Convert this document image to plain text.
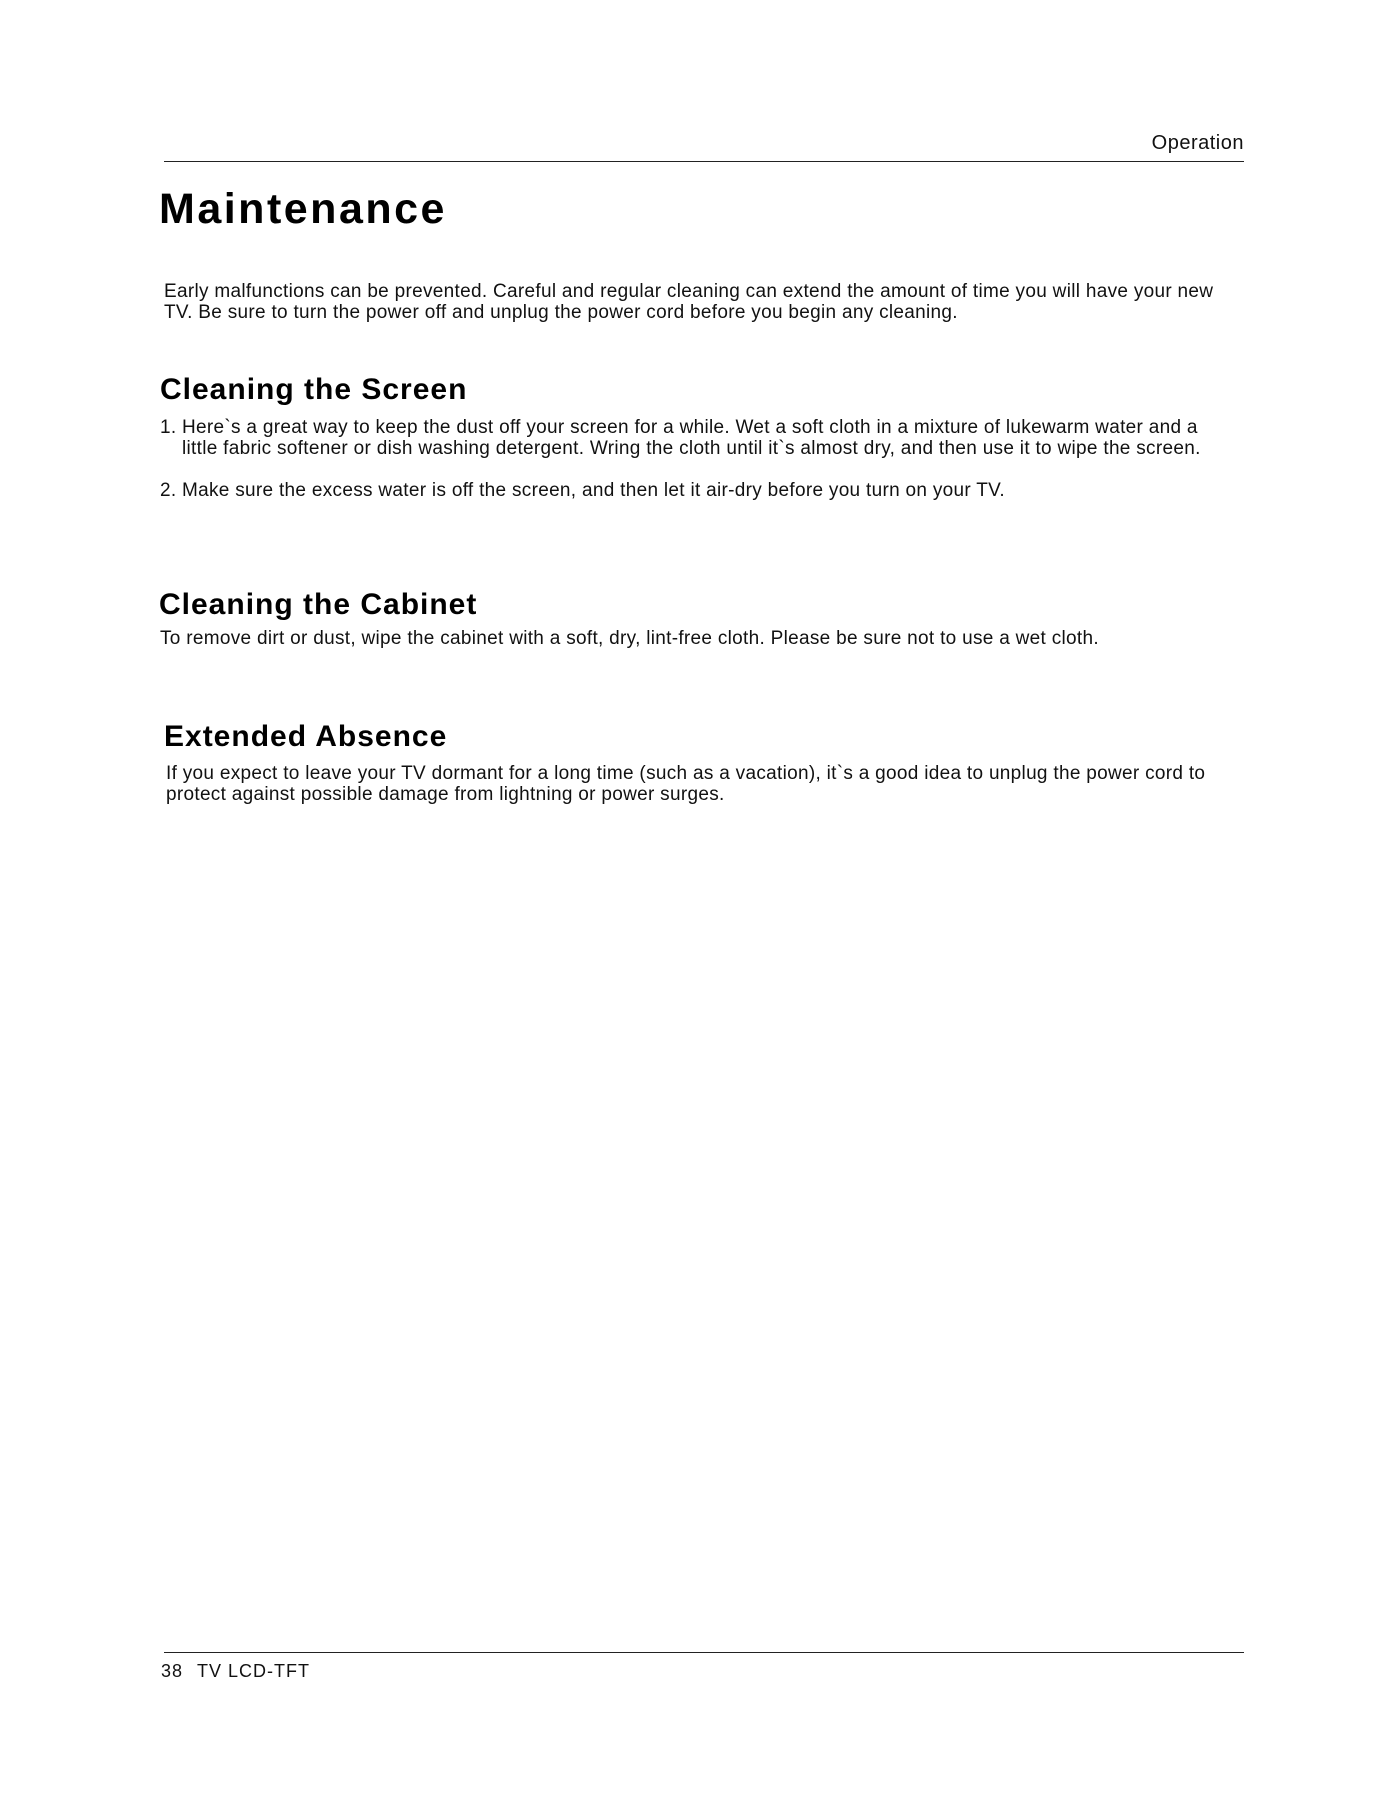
Operation
Maintenance

Early malfunctions can be prevented. Careful and regular cleaning can extend the amount of time you will have your new TV. Be sure to turn the power off and unplug the power cord before you begin any cleaning.

Cleaning the Screen
1. Here`s a great way to keep the dust off your screen for a while. Wet a soft cloth in a mixture of lukewarm water and a little fabric softener or dish washing detergent. Wring the cloth until it`s almost dry, and then use it to wipe the screen.
2. Make sure the excess water is off the screen, and then let it air-dry before you turn on your TV.
Cleaning the Cabinet

To remove dirt or dust, wipe the cabinet with a soft, dry, lint-free cloth. Please be sure not to use a wet cloth.

Extended Absence

If you expect to leave your TV dormant for a long time (such as a vacation), it`s a good idea to unplug the power cord to protect against possible damage from lightning or power surges.

38 TV LCD-TFT
